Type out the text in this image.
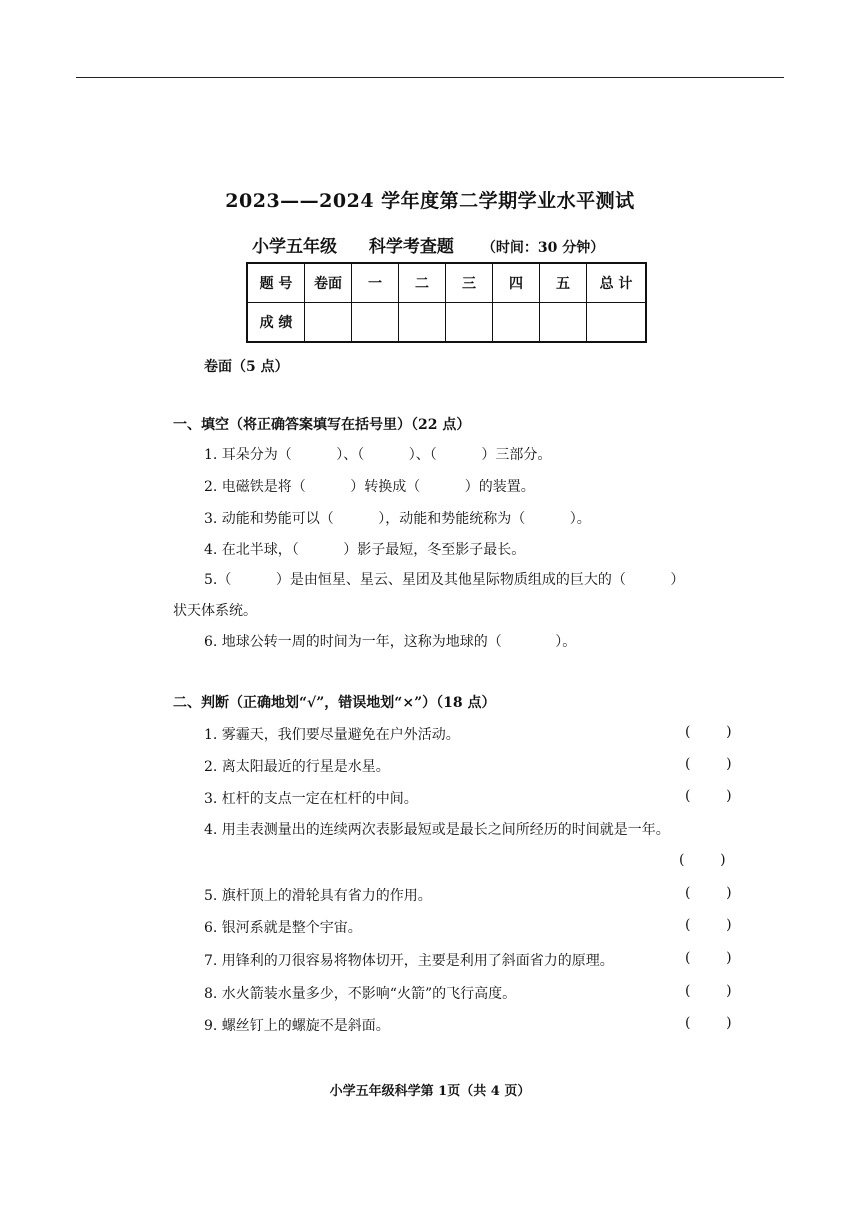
2023——2024 学年度第二学期学业水平测试
小学五年级 科学考查题 （时间：30 分钟）
题 号	卷面	一	二	三	四	五	总 计
成 绩							
卷面（5 点）
一、填空（将正确答案填写在括号里）（22 点）
1. 耳朵分为（          ）、（          ）、（          ）三部分。
2. 电磁铁是将（          ）转换成（          ）的装置。
3. 动能和势能可以（          ），动能和势能统称为（          ）。
4. 在北半球，（          ）影子最短，冬至影子最长。
5.（          ）是由恒星、星云、星团及其他星际物质组成的巨大的（          ）
状天体系统。
6. 地球公转一周的时间为一年，这称为地球的（            ）。
二、判断（正确地划“√”，错误地划“×”）（18 点）
1. 雾霾天，我们要尽量避免在户外活动。	(        )
2. 离太阳最近的行星是水星。	(        )
3. 杠杆的支点一定在杠杆的中间。	(        )
4. 用圭表测量出的连续两次表影最短或是最长之间所经历的时间就是一年。
(        )
5. 旗杆顶上的滑轮具有省力的作用。	(        )
6. 银河系就是整个宇宙。	(        )
7. 用锋利的刀很容易将物体切开，主要是利用了斜面省力的原理。	(        )
8. 水火箭装水量多少，不影响“火箭”的飞行高度。	(        )
9. 螺丝钉上的螺旋不是斜面。	(        )
小学五年级科学第 1页（共 4 页）
